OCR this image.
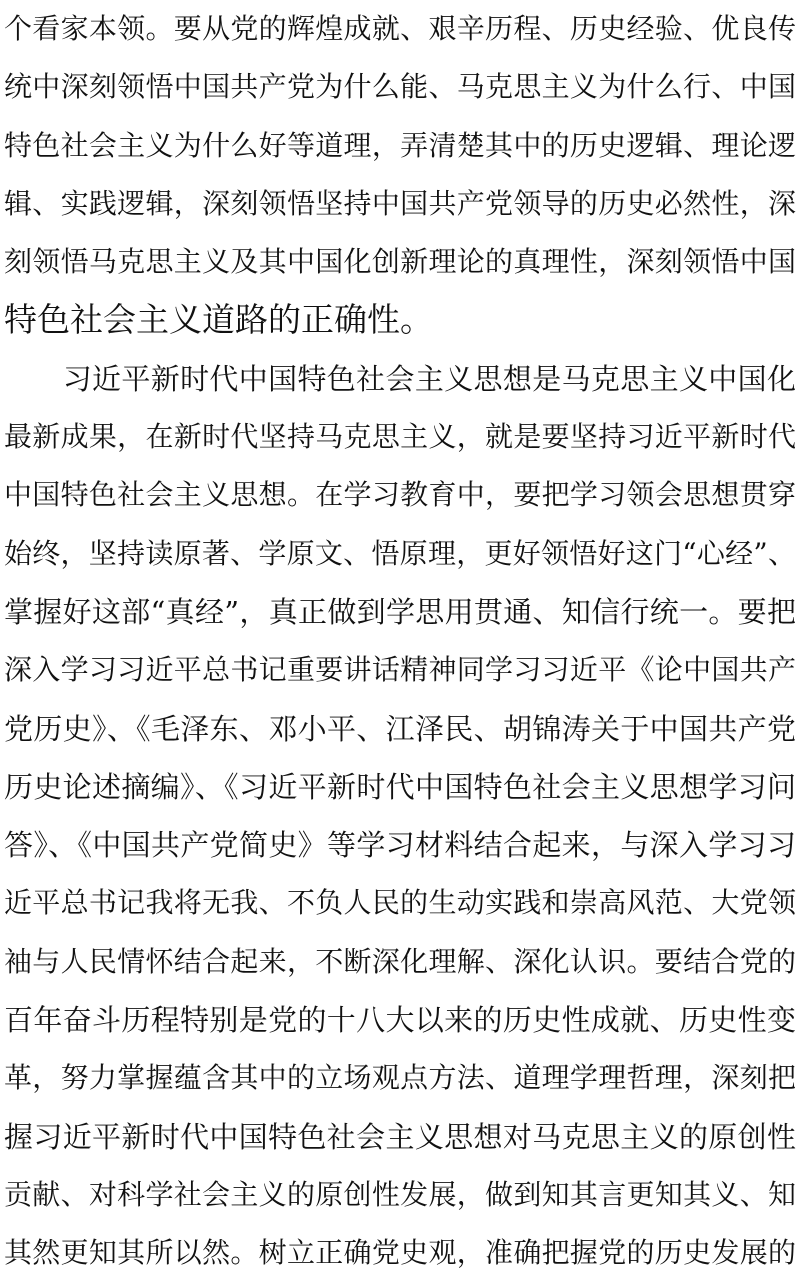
个看家本领。要从党的辉煌成就、艰辛历程、历史经验、优良传
统中深刻领悟中国共产党为什么能、马克思主义为什么行、中国
特色社会主义为什么好等道理，弄清楚其中的历史逻辑、理论逻
辑、实践逻辑，深刻领悟坚持中国共产党领导的历史必然性，深
刻领悟马克思主义及其中国化创新理论的真理性，深刻领悟中国
特色社会主义道路的正确性。
　　习近平新时代中国特色社会主义思想是马克思主义中国化
最新成果，在新时代坚持马克思主义，就是要坚持习近平新时代
中国特色社会主义思想。在学习教育中，要把学习领会思想贯穿
始终，坚持读原著、学原文、悟原理，更好领悟好这门“心经”、
掌握好这部“真经”，真正做到学思用贯通、知信行统一。要把
深入学习习近平总书记重要讲话精神同学习习近平《论中国共产
党历史》、《毛泽东、邓小平、江泽民、胡锦涛关于中国共产党
历史论述摘编》、《习近平新时代中国特色社会主义思想学习问
答》、《中国共产党简史》等学习材料结合起来，与深入学习习
近平总书记我将无我、不负人民的生动实践和崇高风范、大党领
袖与人民情怀结合起来，不断深化理解、深化认识。要结合党的
百年奋斗历程特别是党的十八大以来的历史性成就、历史性变
革，努力掌握蕴含其中的立场观点方法、道理学理哲理，深刻把
握习近平新时代中国特色社会主义思想对马克思主义的原创性
贡献、对科学社会主义的原创性发展，做到知其言更知其义、知
其然更知其所以然。树立正确党史观，准确把握党的历史发展的
